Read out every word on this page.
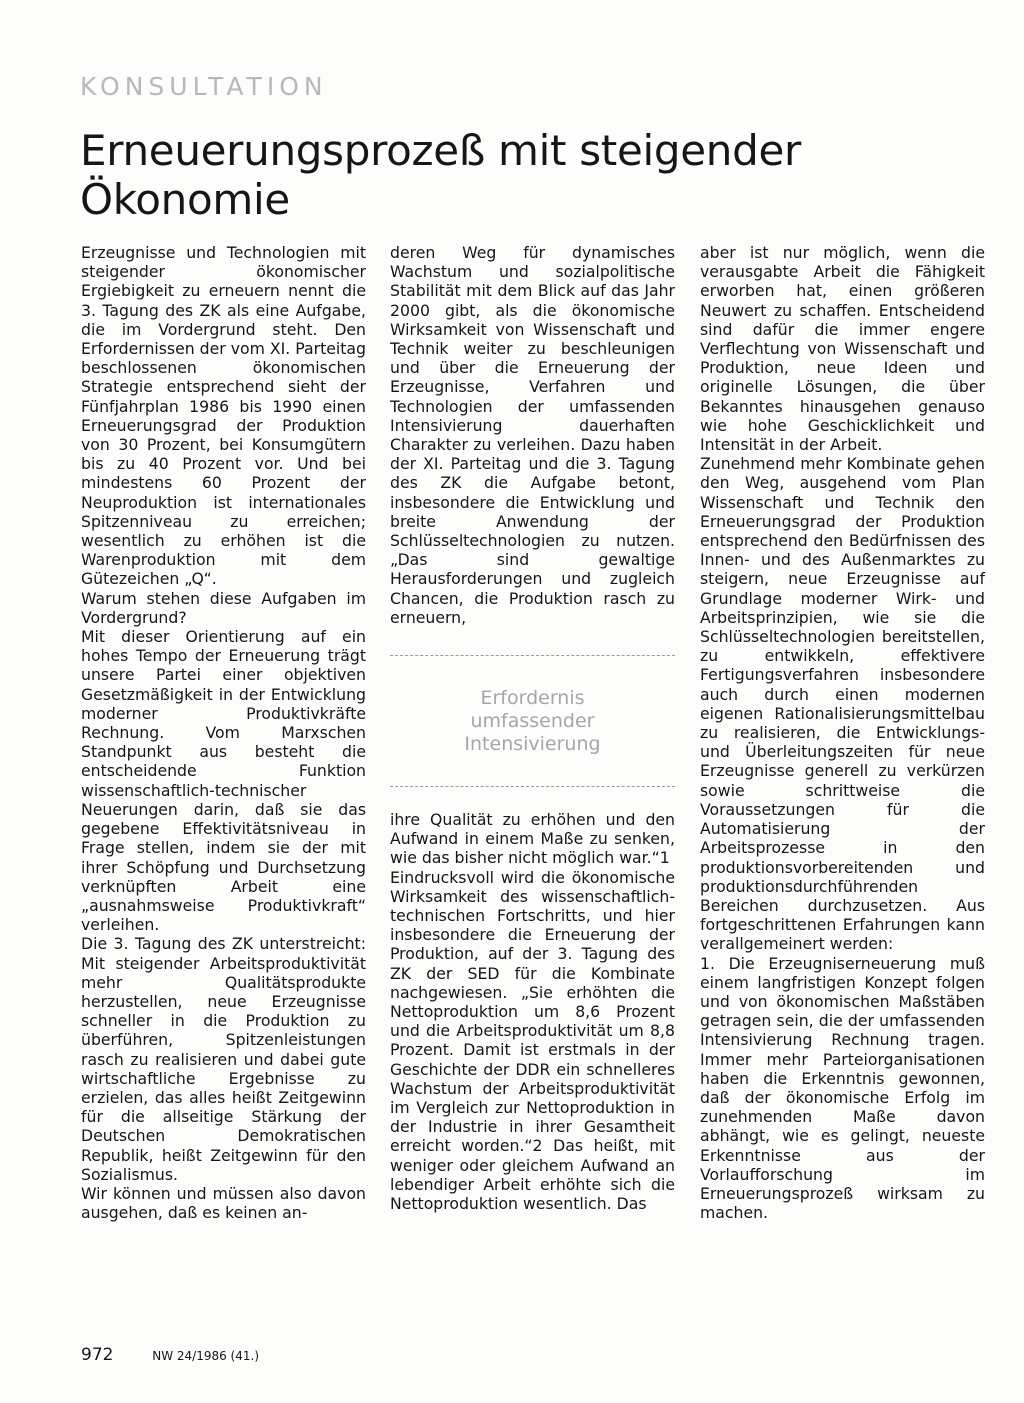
KONSULTATION
Erneuerungsprozeß mit steigender Ökonomie

Erzeugnisse und Technologien mit steigender ökonomischer Ergiebigkeit zu erneuern nennt die 3. Tagung des ZK als eine Aufgabe, die im Vordergrund steht. Den Erfordernissen der vom XI. Parteitag beschlossenen ökonomischen Strategie entsprechend sieht der Fünfjahrplan 1986 bis 1990 einen Erneuerungsgrad der Produktion von 30 Prozent, bei Konsumgütern bis zu 40 Prozent vor. Und bei mindestens 60 Prozent der Neuproduktion ist internationales Spitzenniveau zu erreichen; wesentlich zu erhöhen ist die Warenproduktion mit dem Gütezeichen „Q“.
Warum stehen diese Aufgaben im Vordergrund?
Mit dieser Orientierung auf ein hohes Tempo der Erneuerung trägt unsere Partei einer objektiven Gesetzmäßigkeit in der Entwicklung moderner Produktivkräfte Rechnung. Vom Marxschen Standpunkt aus besteht die entscheidende Funktion wissenschaftlich-technischer Neuerungen darin, daß sie das gegebene Effektivitätsniveau in Frage stellen, indem sie der mit ihrer Schöpfung und Durchsetzung verknüpften Arbeit eine „ausnahmsweise Produktivkraft“ verleihen.
Die 3. Tagung des ZK unterstreicht: Mit steigender Arbeitsproduktivität mehr Qualitätsprodukte herzustellen, neue Erzeugnisse schneller in die Produktion zu überführen, Spitzenleistungen rasch zu realisieren und dabei gute wirtschaftliche Ergebnisse zu erzielen, das alles heißt Zeitgewinn für die allseitige Stärkung der Deutschen Demokratischen Republik, heißt Zeitgewinn für den Sozialismus.
Wir können und müssen also davon ausgehen, daß es keinen an-

deren Weg für dynamisches Wachstum und sozialpolitische Stabilität mit dem Blick auf das Jahr 2000 gibt, als die ökonomische Wirksamkeit von Wissenschaft und Technik weiter zu beschleunigen und über die Erneuerung der Erzeugnisse, Verfahren und Technologien der umfassenden Intensivierung dauerhaften Charakter zu verleihen. Dazu haben der XI. Parteitag und die 3. Tagung des ZK die Aufgabe betont, insbesondere die Entwicklung und breite Anwendung der Schlüsseltechnologien zu nutzen. „Das sind gewaltige Herausforderungen und zugleich Chancen, die Produktion rasch zu erneuern,

Erfordernis
umfassender
Intensivierung

ihre Qualität zu erhöhen und den Aufwand in einem Maße zu senken, wie das bisher nicht möglich war.“1
Eindrucksvoll wird die ökonomische Wirksamkeit des wissenschaftlich-technischen Fortschritts, und hier insbesondere die Erneuerung der Produktion, auf der 3. Tagung des ZK der SED für die Kombinate nachgewiesen. „Sie erhöhten die Nettoproduktion um 8,6 Prozent und die Arbeitsproduktivität um 8,8 Prozent. Damit ist erstmals in der Geschichte der DDR ein schnelleres Wachstum der Arbeitsproduktivität im Vergleich zur Nettoproduktion in der Industrie in ihrer Gesamtheit erreicht worden.“2 Das heißt, mit weniger oder gleichem Aufwand an lebendiger Arbeit erhöhte sich die Nettoproduktion wesentlich. Das

aber ist nur möglich, wenn die verausgabte Arbeit die Fähigkeit erworben hat, einen größeren Neuwert zu schaffen. Entscheidend sind dafür die immer engere Verflechtung von Wissenschaft und Produktion, neue Ideen und originelle Lösungen, die über Bekanntes hinausgehen genauso wie hohe Geschicklichkeit und Intensität in der Arbeit.
Zunehmend mehr Kombinate gehen den Weg, ausgehend vom Plan Wissenschaft und Technik den Erneuerungsgrad der Produktion entsprechend den Bedürfnissen des Innen- und des Außenmarktes zu steigern, neue Erzeugnisse auf Grundlage moderner Wirk- und Arbeitsprinzipien, wie sie die Schlüsseltechnologien bereitstellen, zu entwikkeln, effektivere Fertigungsverfahren insbesondere auch durch einen modernen eigenen Rationalisierungsmittelbau zu realisieren, die Entwicklungs- und Überleitungszeiten für neue Erzeugnisse generell zu verkürzen sowie schrittweise die Voraussetzungen für die Automatisierung der Arbeitsprozesse in den produktionsvorbereitenden und produktionsdurchführenden Bereichen durchzusetzen. Aus fortgeschrittenen Erfahrungen kann verallgemeinert werden:
1. Die Erzeugniserneuerung muß einem langfristigen Konzept folgen und von ökonomischen Maßstäben getragen sein, die der umfassenden Intensivierung Rechnung tragen. Immer mehr Parteiorganisationen haben die Erkenntnis gewonnen, daß der ökonomische Erfolg im zunehmenden Maße davon abhängt, wie es gelingt, neueste Erkenntnisse aus der Vorlaufforschung im Erneuerungsprozeß wirksam zu machen.

972	NW 24/1986 (41.)
